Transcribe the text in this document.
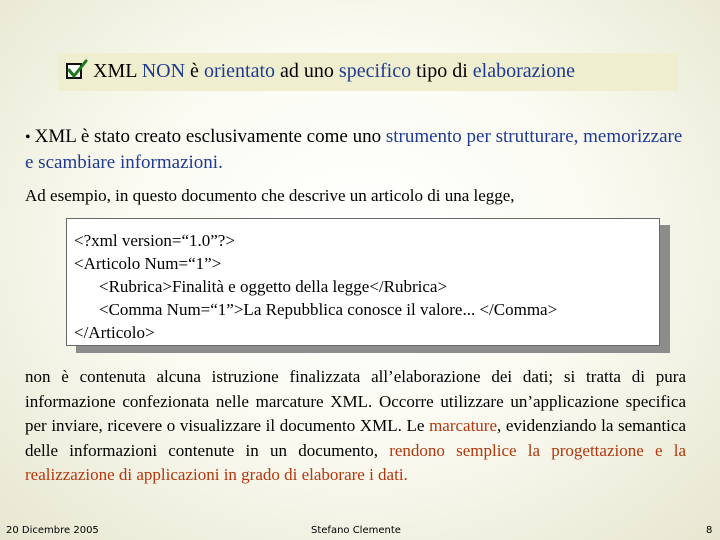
XML NON è orientato ad uno specifico tipo di elaborazione
• XML è stato creato esclusivamente come uno strumento per strutturare, memorizzare e scambiare informazioni.
Ad esempio, in questo documento che descrive un articolo di una legge,
<?xml version=“1.0”?>
<Articolo Num=“1”>
<Rubrica>Finalità e oggetto della legge</Rubrica>
<Comma Num=“1”>La Repubblica conosce il valore... </Comma>
</Articolo>
non è contenuta alcuna istruzione finalizzata all’elaborazione dei dati; si tratta di pura informazione confezionata nelle marcature XML. Occorre utilizzare un’applicazione specifica per inviare, ricevere o visualizzare il documento XML. Le marcature, evidenziando la semantica delle informazioni contenute in un documento, rendono semplice la progettazione e la realizzazione di applicazioni in grado di elaborare i dati.
20 Dicembre 2005	Stefano Clemente	8
